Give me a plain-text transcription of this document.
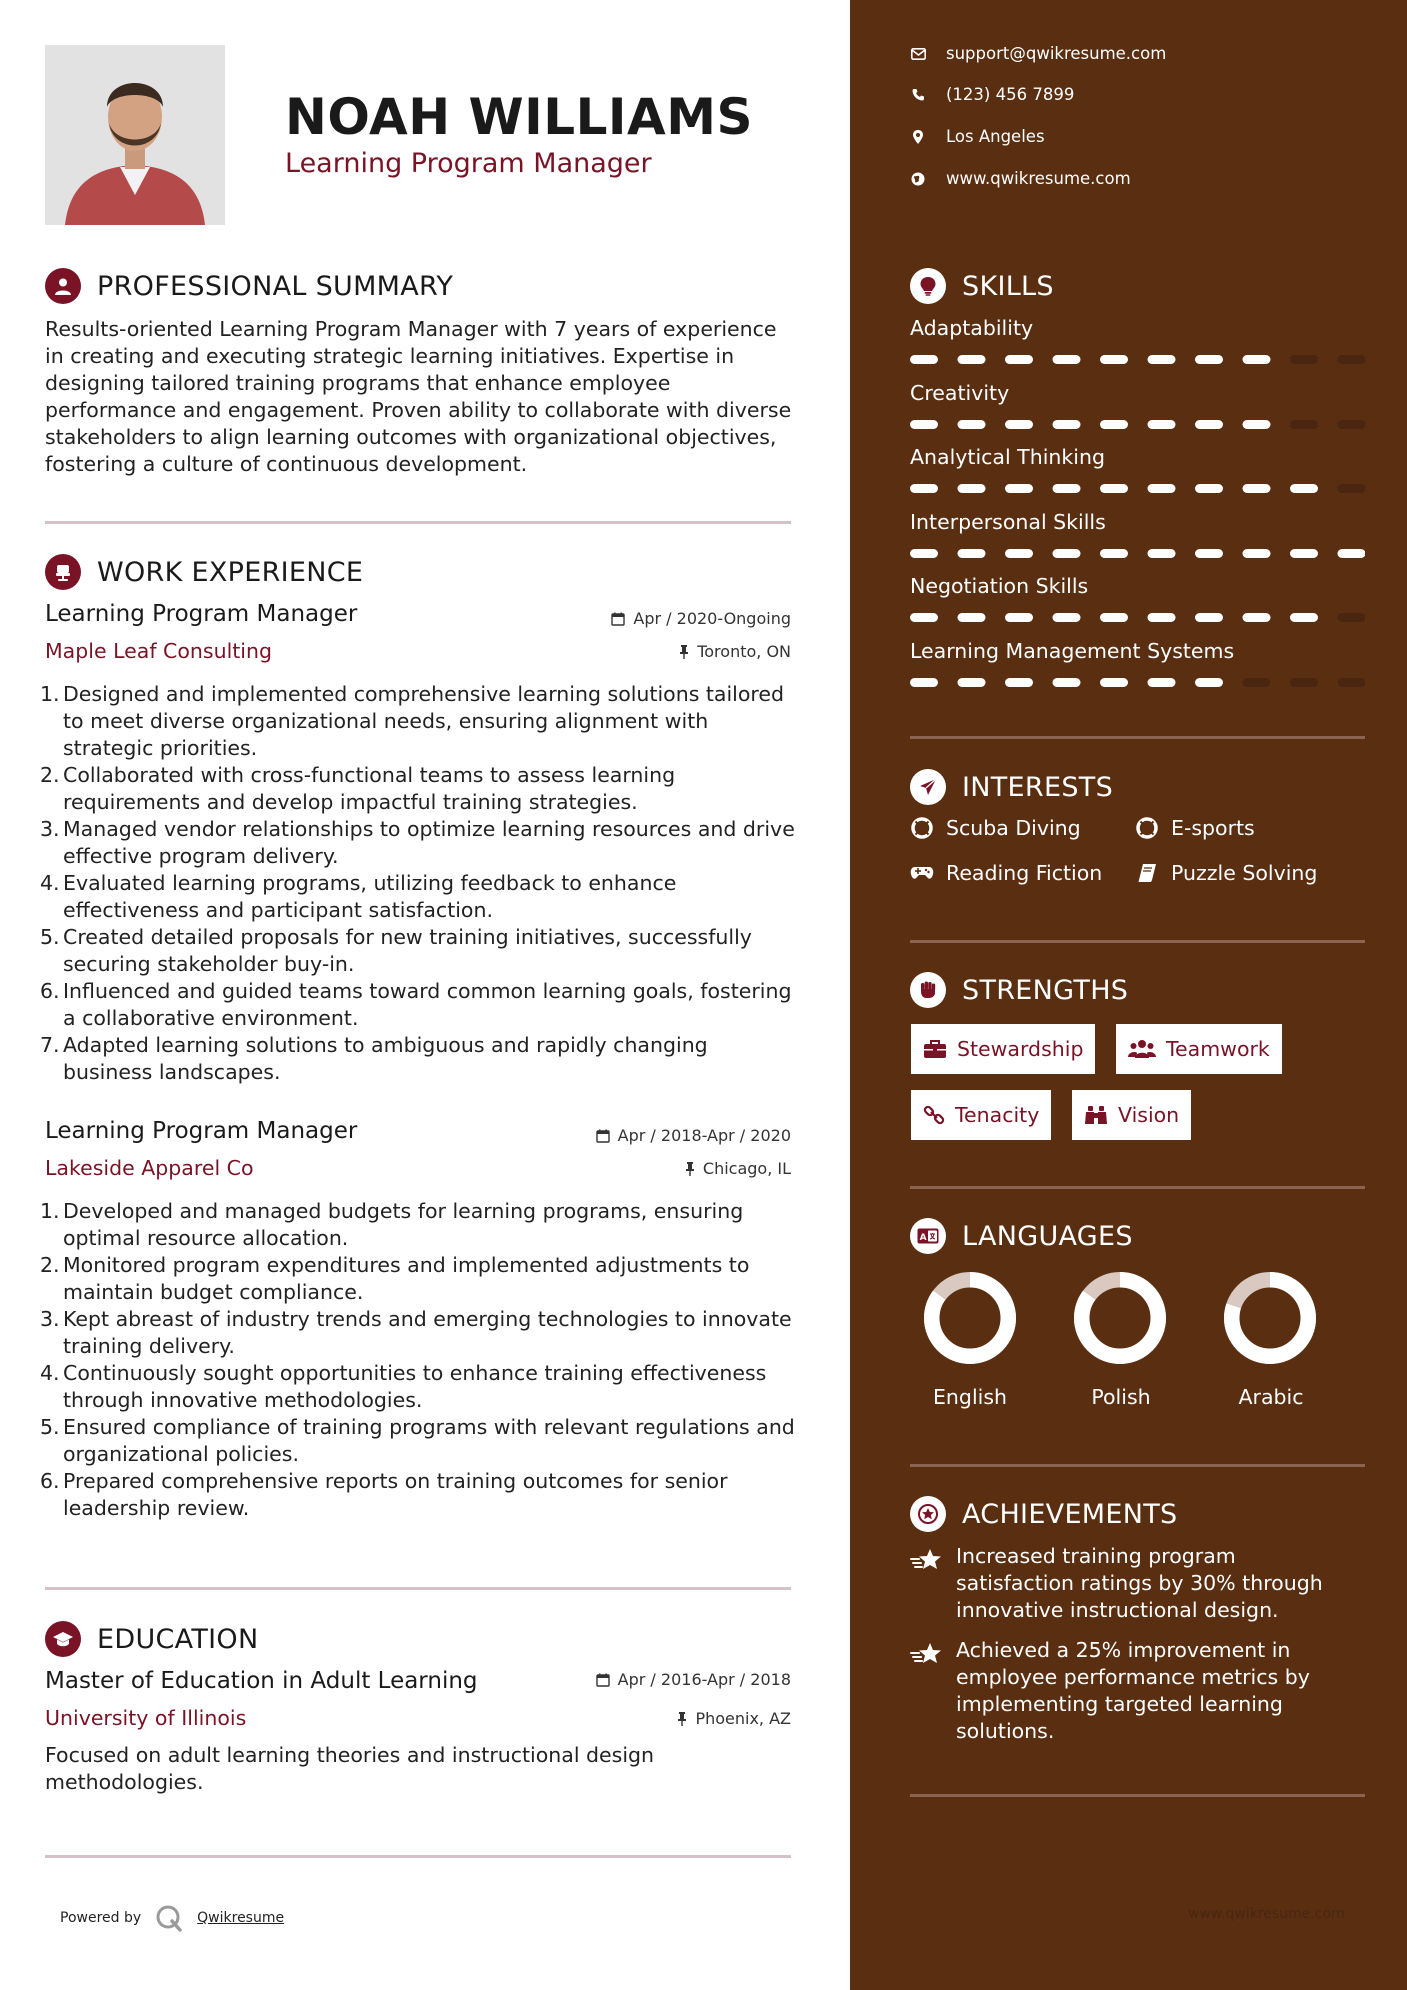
NOAH WILLIAMS
Learning Program Manager
PROFESSIONAL SUMMARY
Results-oriented Learning Program Manager with 7 years of experience in creating and executing strategic learning initiatives. Expertise in designing tailored training programs that enhance employee performance and engagement. Proven ability to collaborate with diverse stakeholders to align learning outcomes with organizational objectives, fostering a culture of continuous development.
WORK EXPERIENCE
Learning Program Manager	Apr / 2020-Ongoing
Maple Leaf Consulting	Toronto, ON
1. Designed and implemented comprehensive learning solutions tailored to meet diverse organizational needs, ensuring alignment with strategic priorities.
2. Collaborated with cross-functional teams to assess learning requirements and develop impactful training strategies.
3. Managed vendor relationships to optimize learning resources and drive effective program delivery.
4. Evaluated learning programs, utilizing feedback to enhance effectiveness and participant satisfaction.
5. Created detailed proposals for new training initiatives, successfully securing stakeholder buy-in.
6. Influenced and guided teams toward common learning goals, fostering a collaborative environment.
7. Adapted learning solutions to ambiguous and rapidly changing business landscapes.
Learning Program Manager	Apr / 2018-Apr / 2020
Lakeside Apparel Co	Chicago, IL
1. Developed and managed budgets for learning programs, ensuring optimal resource allocation.
2. Monitored program expenditures and implemented adjustments to maintain budget compliance.
3. Kept abreast of industry trends and emerging technologies to innovate training delivery.
4. Continuously sought opportunities to enhance training effectiveness through innovative methodologies.
5. Ensured compliance of training programs with relevant regulations and organizational policies.
6. Prepared comprehensive reports on training outcomes for senior leadership review.
EDUCATION
Master of Education in Adult Learning	Apr / 2016-Apr / 2018
University of Illinois	Phoenix, AZ
Focused on adult learning theories and instructional design methodologies.
Powered by	Qwikresume
support@qwikresume.com
(123) 456 7899
Los Angeles
www.qwikresume.com
SKILLS
Adaptability
Creativity
Analytical Thinking
Interpersonal Skills
Negotiation Skills
Learning Management Systems
INTERESTS
Scuba Diving	E-sports
Reading Fiction	Puzzle Solving
STRENGTHS
Stewardship	Teamwork
Tenacity	Vision
A LANGUAGES
English	Polish	Arabic
ACHIEVEMENTS
Increased training program satisfaction ratings by 30% through innovative instructional design.
Achieved a 25% improvement in employee performance metrics by implementing targeted learning solutions.
www.qwikresume.com
